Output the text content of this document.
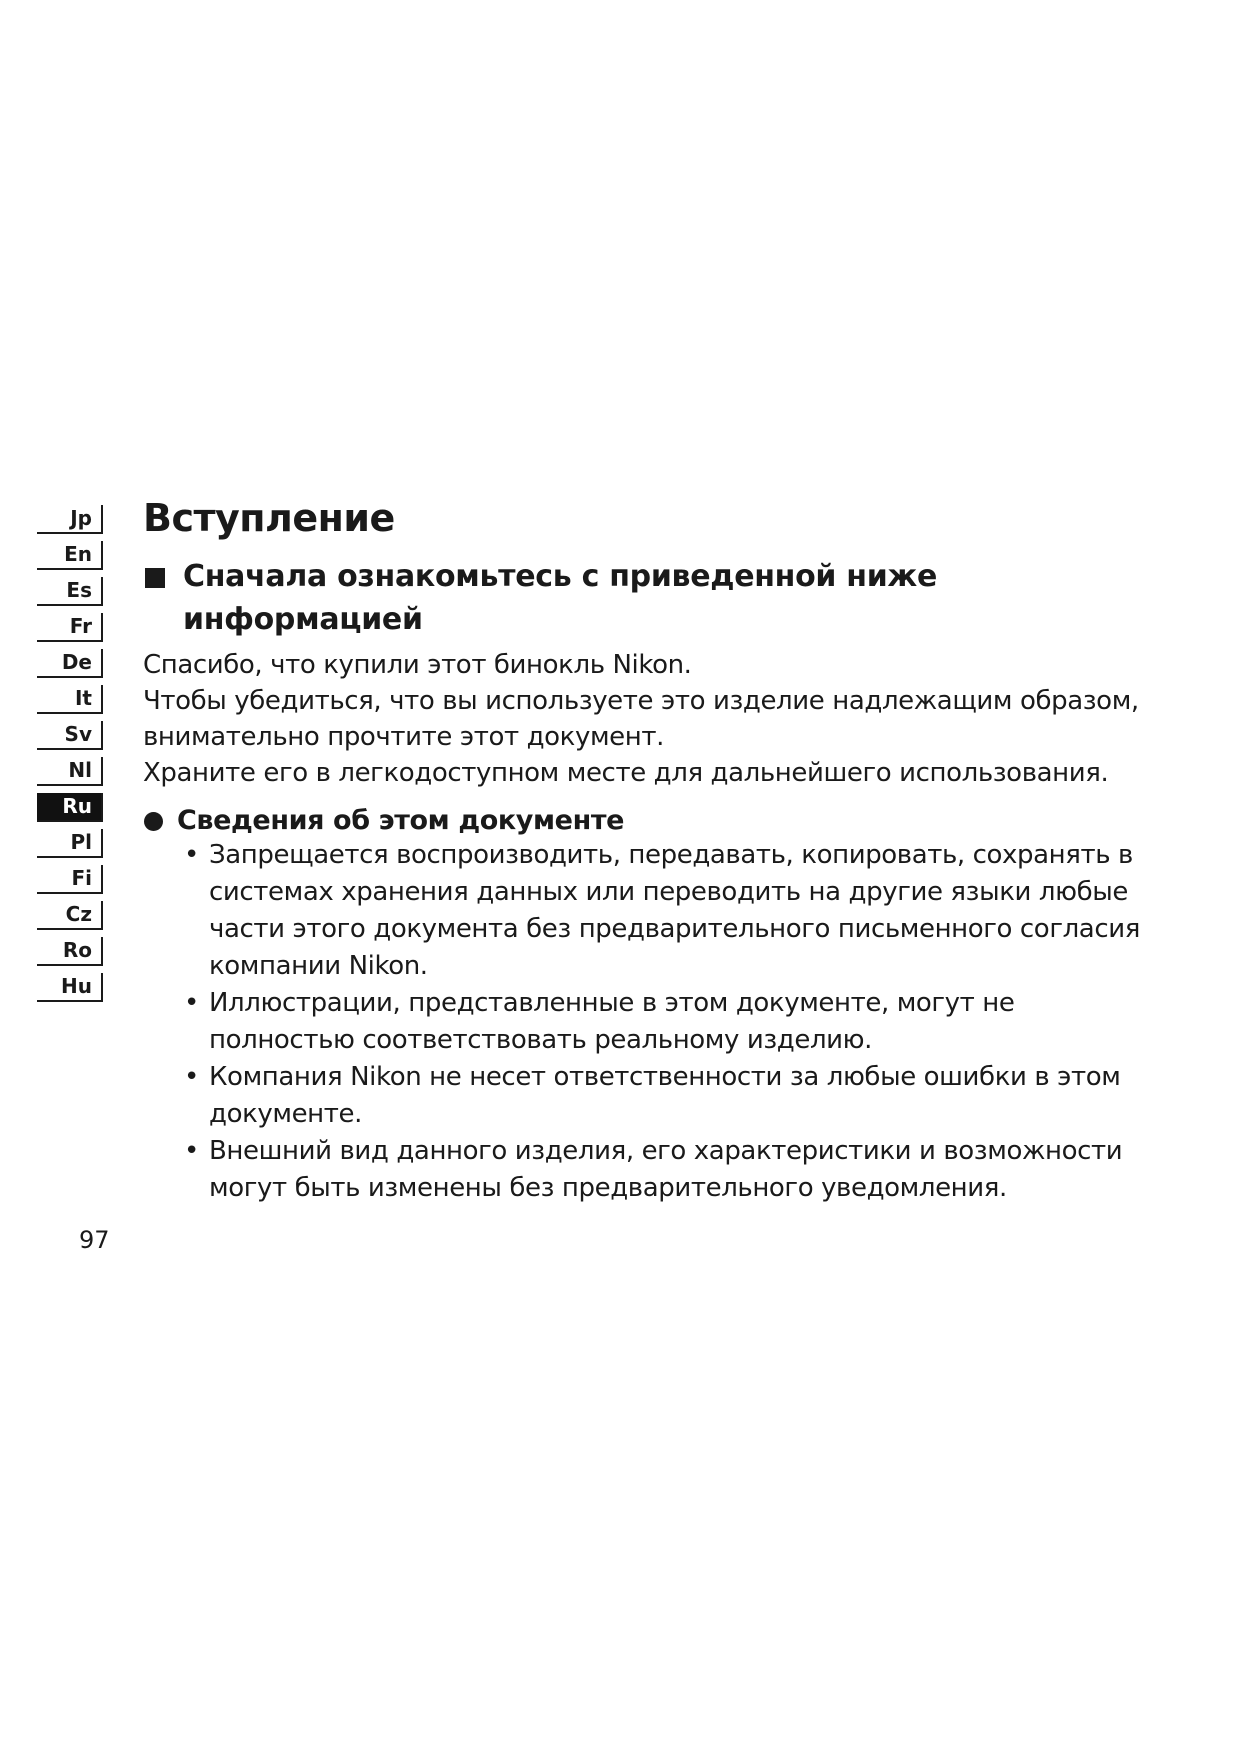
Jp
En
Es
Fr
De
It
Sv
Nl
Ru
Pl
Fi
Cz
Ro
Hu
Вступление
Сначала ознакомьтесь с приведенной ниже информацией

Спасибо, что купили этот бинокль Nikon.

Чтобы убедиться, что вы используете это изделие надлежащим образом, внимательно прочтите этот документ.

Храните его в легкодоступном месте для дальнейшего использования.

Сведения об этом документе
• Запрещается воспроизводить, передавать, копировать, сохранять в системах хранения данных или переводить на другие языки любые части этого документа без предварительного письменного согласия компании Nikon.
• Иллюстрации, представленные в этом документе, могут не полностью соответствовать реальному изделию.
• Компания Nikon не несет ответственности за любые ошибки в этом документе.
• Внешний вид данного изделия, его характеристики и возможности могут быть изменены без предварительного уведомления.
97
